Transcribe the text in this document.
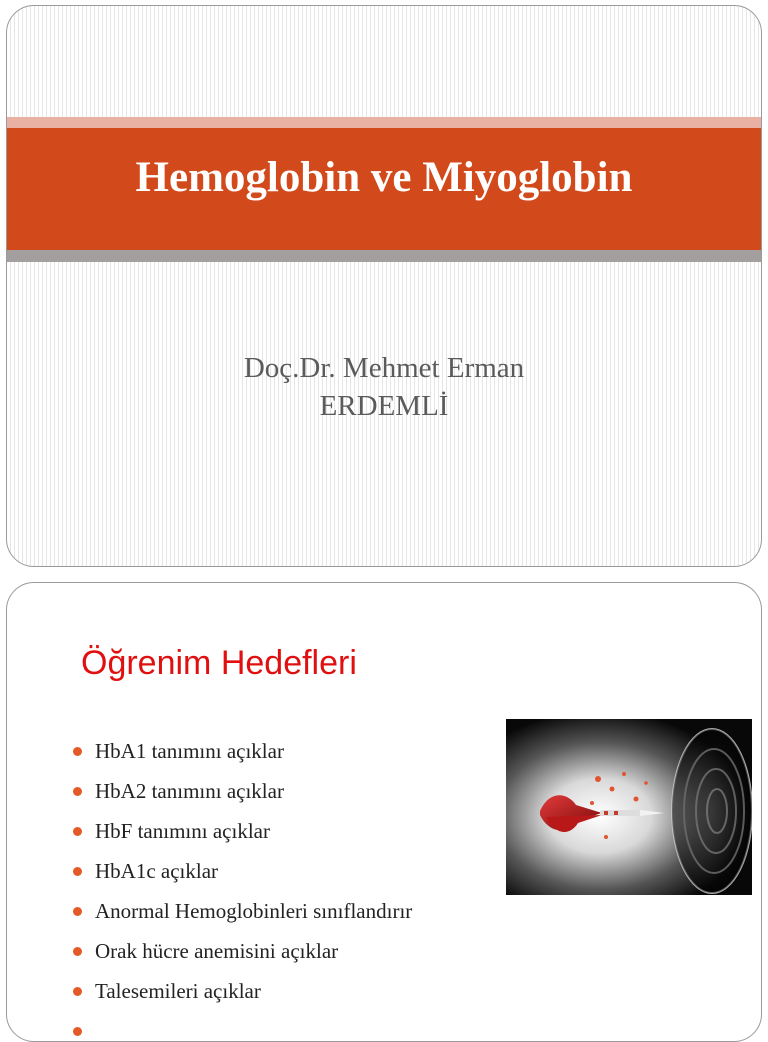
Hemoglobin ve Miyoglobin
Doç.Dr. Mehmet Erman
ERDEMLİ
Öğrenim Hedefleri
HbA1 tanımını açıklar
HbA2 tanımını açıklar
HbF tanımını açıklar
HbA1c açıklar
Anormal Hemoglobinleri sınıflandırır
Orak hücre anemisini açıklar
Talesemileri açıklar
